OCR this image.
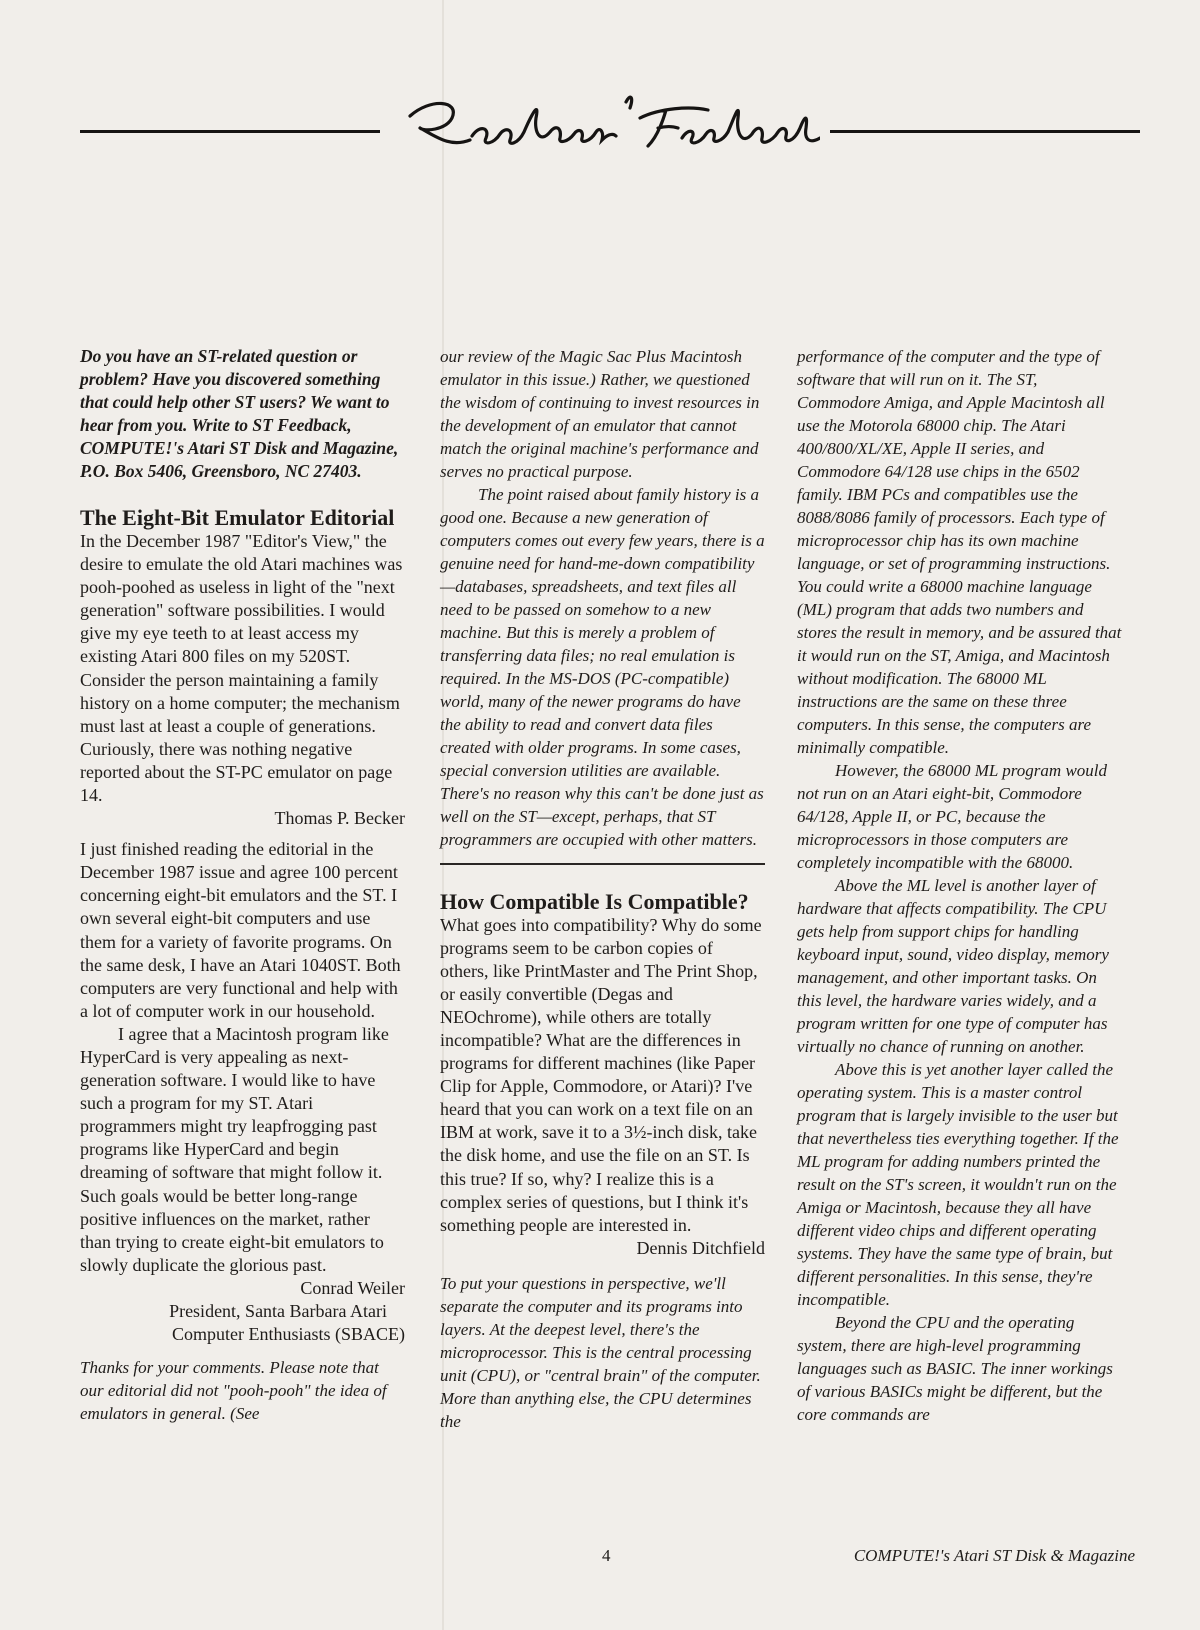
Readers' Feedback

Do you have an ST-related question or problem? Have you discovered something that could help other ST users? We want to hear from you. Write to ST Feedback, COMPUTE!'s Atari ST Disk and Magazine, P.O. Box 5406, Greensboro, NC 27403.

The Eight-Bit Emulator Editorial

In the December 1987 "Editor's View," the desire to emulate the old Atari machines was pooh-poohed as useless in light of the "next generation" software possibilities. I would give my eye teeth to at least access my existing Atari 800 files on my 520ST. Consider the person maintaining a family history on a home computer; the mechanism must last at least a couple of generations. Curiously, there was nothing negative reported about the ST-PC emulator on page 14.

Thomas P. Becker

I just finished reading the editorial in the December 1987 issue and agree 100 percent concerning eight-bit emulators and the ST. I own several eight-bit computers and use them for a variety of favorite programs. On the same desk, I have an Atari 1040ST. Both computers are very functional and help with a lot of computer work in our household.

I agree that a Macintosh program like HyperCard is very appealing as next-generation software. I would like to have such a program for my ST. Atari programmers might try leapfrogging past programs like HyperCard and begin dreaming of software that might follow it. Such goals would be better long-range positive influences on the market, rather than trying to create eight-bit emulators to slowly duplicate the glorious past.

Conrad Weiler

President, Santa Barbara Atari

Computer Enthusiasts (SBACE)

Thanks for your comments. Please note that our editorial did not "pooh-pooh" the idea of emulators in general. (See

our review of the Magic Sac Plus Macintosh emulator in this issue.) Rather, we questioned the wisdom of continuing to invest resources in the development of an emulator that cannot match the original machine's performance and serves no practical purpose.

The point raised about family history is a good one. Because a new generation of computers comes out every few years, there is a genuine need for hand-me-down compatibility—databases, spreadsheets, and text files all need to be passed on somehow to a new machine. But this is merely a problem of transferring data files; no real emulation is required. In the MS-DOS (PC-compatible) world, many of the newer programs do have the ability to read and convert data files created with older programs. In some cases, special conversion utilities are available. There's no reason why this can't be done just as well on the ST—except, perhaps, that ST programmers are occupied with other matters.

How Compatible Is Compatible?

What goes into compatibility? Why do some programs seem to be carbon copies of others, like PrintMaster and The Print Shop, or easily convertible (Degas and NEOchrome), while others are totally incompatible? What are the differences in programs for different machines (like Paper Clip for Apple, Commodore, or Atari)? I've heard that you can work on a text file on an IBM at work, save it to a 3½-inch disk, take the disk home, and use the file on an ST. Is this true? If so, why? I realize this is a complex series of questions, but I think it's something people are interested in.

Dennis Ditchfield

To put your questions in perspective, we'll separate the computer and its programs into layers. At the deepest level, there's the microprocessor. This is the central processing unit (CPU), or "central brain" of the computer. More than anything else, the CPU determines the

performance of the computer and the type of software that will run on it. The ST, Commodore Amiga, and Apple Macintosh all use the Motorola 68000 chip. The Atari 400/800/XL/XE, Apple II series, and Commodore 64/128 use chips in the 6502 family. IBM PCs and compatibles use the 8088/8086 family of processors. Each type of microprocessor chip has its own machine language, or set of programming instructions. You could write a 68000 machine language (ML) program that adds two numbers and stores the result in memory, and be assured that it would run on the ST, Amiga, and Macintosh without modification. The 68000 ML instructions are the same on these three computers. In this sense, the computers are minimally compatible.

However, the 68000 ML program would not run on an Atari eight-bit, Commodore 64/128, Apple II, or PC, because the microprocessors in those computers are completely incompatible with the 68000.

Above the ML level is another layer of hardware that affects compatibility. The CPU gets help from support chips for handling keyboard input, sound, video display, memory management, and other important tasks. On this level, the hardware varies widely, and a program written for one type of computer has virtually no chance of running on another.

Above this is yet another layer called the operating system. This is a master control program that is largely invisible to the user but that nevertheless ties everything together. If the ML program for adding numbers printed the result on the ST's screen, it wouldn't run on the Amiga or Macintosh, because they all have different video chips and different operating systems. They have the same type of brain, but different personalities. In this sense, they're incompatible.

Beyond the CPU and the operating system, there are high-level programming languages such as BASIC. The inner workings of various BASICs might be different, but the core commands are

4	COMPUTE!'s Atari ST Disk & Magazine
